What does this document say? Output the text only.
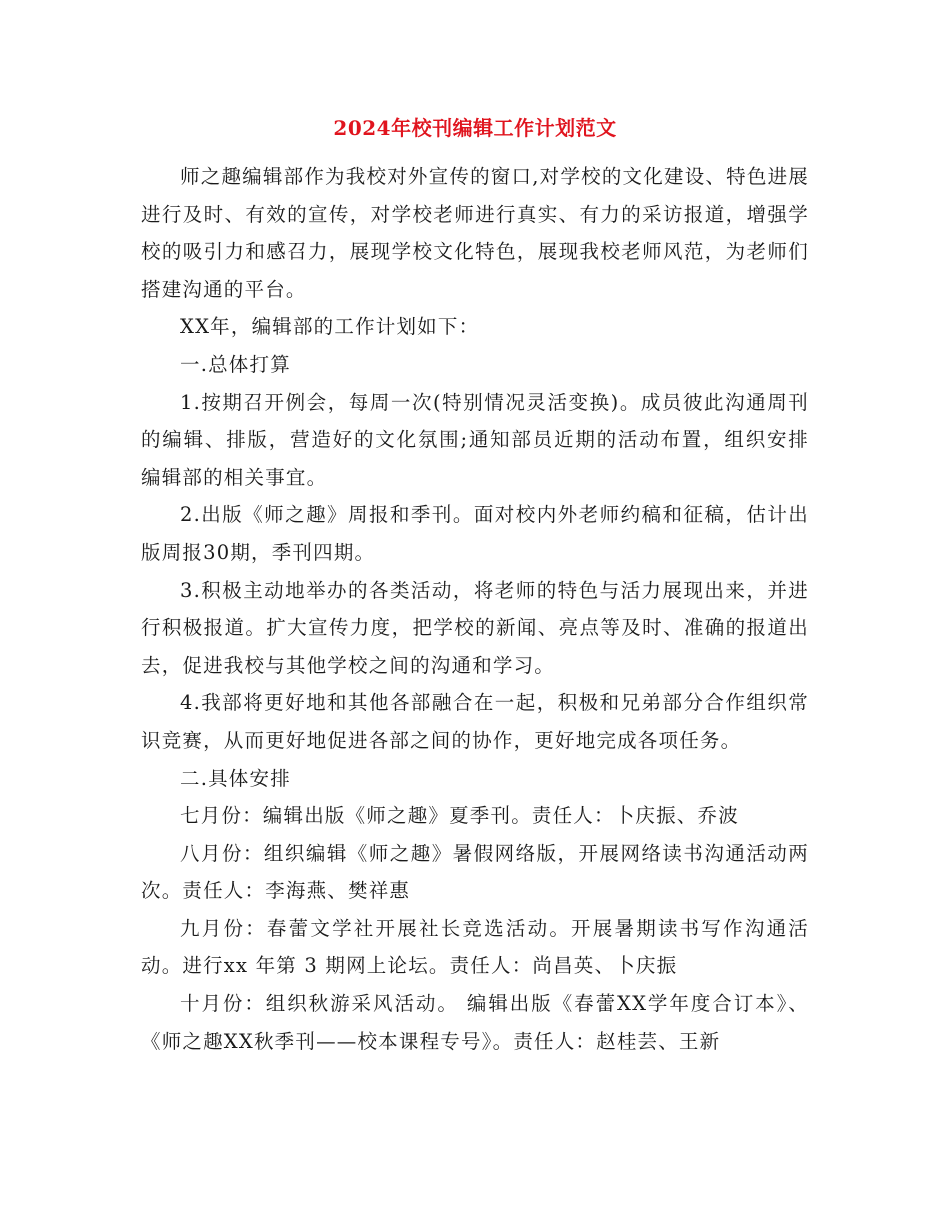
2024年校刊编辑工作计划范文

师之趣编辑部作为我校对外宣传的窗口,对学校的文化建设、特色进展进行及时、有效的宣传，对学校老师进行真实、有力的采访报道，增强学校的吸引力和感召力，展现学校文化特色，展现我校老师风范，为老师们搭建沟通的平台。

XX年，编辑部的工作计划如下：

一.总体打算

1.按期召开例会，每周一次(特别情况灵活变换)。成员彼此沟通周刊的编辑、排版，营造好的文化氛围;通知部员近期的活动布置，组织安排编辑部的相关事宜。

2.出版《师之趣》周报和季刊。面对校内外老师约稿和征稿，估计出版周报30期，季刊四期。

3.积极主动地举办的各类活动，将老师的特色与活力展现出来，并进行积极报道。扩大宣传力度，把学校的新闻、亮点等及时、准确的报道出去，促进我校与其他学校之间的沟通和学习。

4.我部将更好地和其他各部融合在一起，积极和兄弟部分合作组织常识竞赛，从而更好地促进各部之间的协作，更好地完成各项任务。

二.具体安排

七月份：编辑出版《师之趣》夏季刊。责任人：卜庆振、乔波

八月份：组织编辑《师之趣》暑假网络版，开展网络读书沟通活动两次。责任人：李海燕、樊祥惠

九月份：春蕾文学社开展社长竞选活动。开展暑期读书写作沟通活动。进行xx 年第 3 期网上论坛。责任人：尚昌英、卜庆振

十月份：组织秋游采风活动。 编辑出版《春蕾XX学年度合订本》、《师之趣XX秋季刊——校本课程专号》。责任人：赵桂芸、王新
